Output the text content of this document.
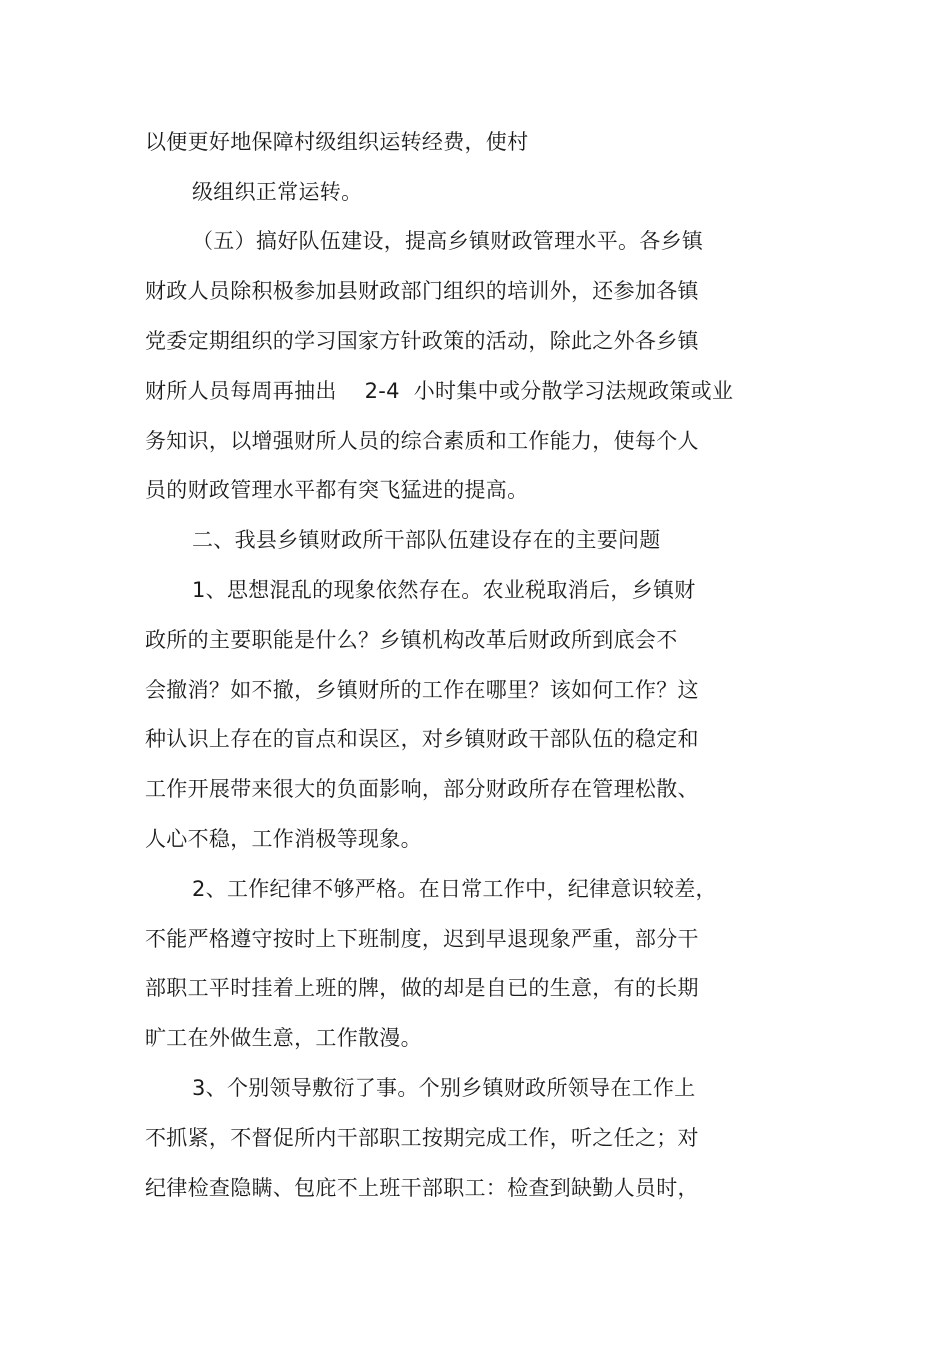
以便更好地保障村级组织运转经费，使村
级组织正常运转。
（五）搞好队伍建设，提高乡镇财政管理水平。各乡镇
财政人员除积极参加县财政部门组织的培训外，还参加各镇
党委定期组织的学习国家方针政策的活动，除此之外各乡镇
财所人员每周再抽出    2-4  小时集中或分散学习法规政策或业
务知识，以增强财所人员的综合素质和工作能力，使每个人
员的财政管理水平都有突飞猛进的提高。
二、我县乡镇财政所干部队伍建设存在的主要问题
1、思想混乱的现象依然存在。农业税取消后，乡镇财
政所的主要职能是什么？乡镇机构改革后财政所到底会不
会撤消？如不撤，乡镇财所的工作在哪里？该如何工作？这
种认识上存在的盲点和误区，对乡镇财政干部队伍的稳定和
工作开展带来很大的负面影响，部分财政所存在管理松散、
人心不稳，工作消极等现象。
2、工作纪律不够严格。在日常工作中，纪律意识较差，
不能严格遵守按时上下班制度，迟到早退现象严重，部分干
部职工平时挂着上班的牌，做的却是自已的生意，有的长期
旷工在外做生意，工作散漫。
3、个别领导敷衍了事。个别乡镇财政所领导在工作上
不抓紧，不督促所内干部职工按期完成工作，听之任之；对
纪律检查隐瞒、包庇不上班干部职工：检查到缺勤人员时，
